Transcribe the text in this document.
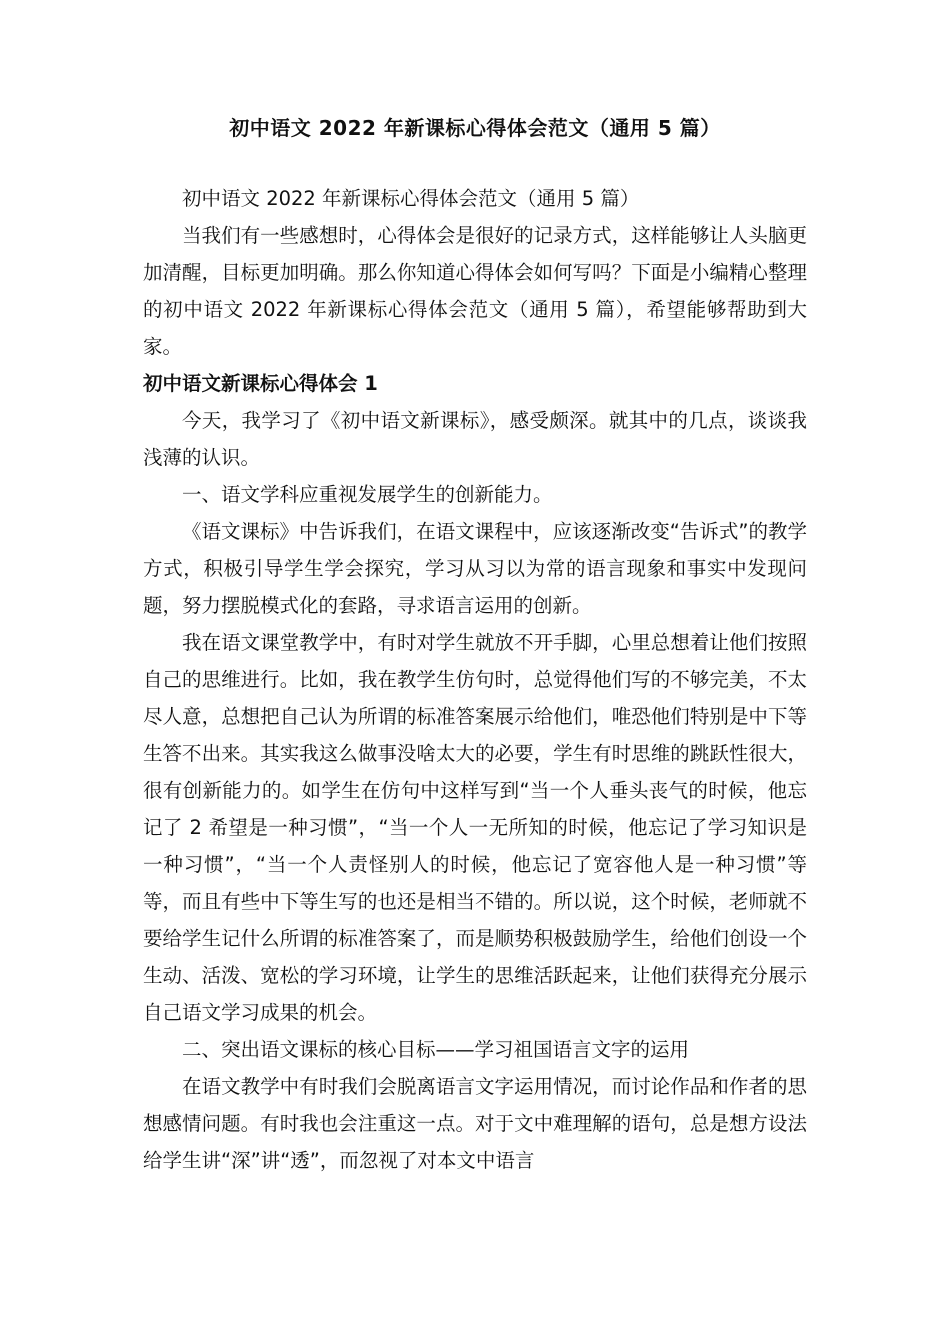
初中语文 2022 年新课标心得体会范文（通用 5 篇）

初中语文 2022 年新课标心得体会范文（通用 5 篇）

当我们有一些感想时，心得体会是很好的记录方式，这样能够让人头脑更加清醒，目标更加明确。那么你知道心得体会如何写吗？下面是小编精心整理的初中语文 2022 年新课标心得体会范文（通用 5 篇），希望能够帮助到大家。

初中语文新课标心得体会 1

今天，我学习了《初中语文新课标》，感受颇深。就其中的几点，谈谈我浅薄的认识。

一、语文学科应重视发展学生的创新能力。

《语文课标》中告诉我们，在语文课程中，应该逐渐改变“告诉式”的教学方式，积极引导学生学会探究，学习从习以为常的语言现象和事实中发现问题，努力摆脱模式化的套路，寻求语言运用的创新。

我在语文课堂教学中，有时对学生就放不开手脚，心里总想着让他们按照自己的思维进行。比如，我在教学生仿句时，总觉得他们写的不够完美，不太尽人意，总想把自己认为所谓的标准答案展示给他们，唯恐他们特别是中下等生答不出来。其实我这么做事没啥太大的必要，学生有时思维的跳跃性很大，很有创新能力的。如学生在仿句中这样写到“当一个人垂头丧气的时候，他忘记了 2 希望是一种习惯”，“当一个人一无所知的时候，他忘记了学习知识是一种习惯”，“当一个人责怪别人的时候，他忘记了宽容他人是一种习惯”等等，而且有些中下等生写的也还是相当不错的。所以说，这个时候，老师就不要给学生记什么所谓的标准答案了，而是顺势积极鼓励学生，给他们创设一个生动、活泼、宽松的学习环境，让学生的思维活跃起来，让他们获得充分展示自己语文学习成果的机会。

二、突出语文课标的核心目标——学习祖国语言文字的运用

在语文教学中有时我们会脱离语言文字运用情况，而讨论作品和作者的思想感情问题。有时我也会注重这一点。对于文中难理解的语句，总是想方设法给学生讲“深”讲“透”，而忽视了对本文中语言
